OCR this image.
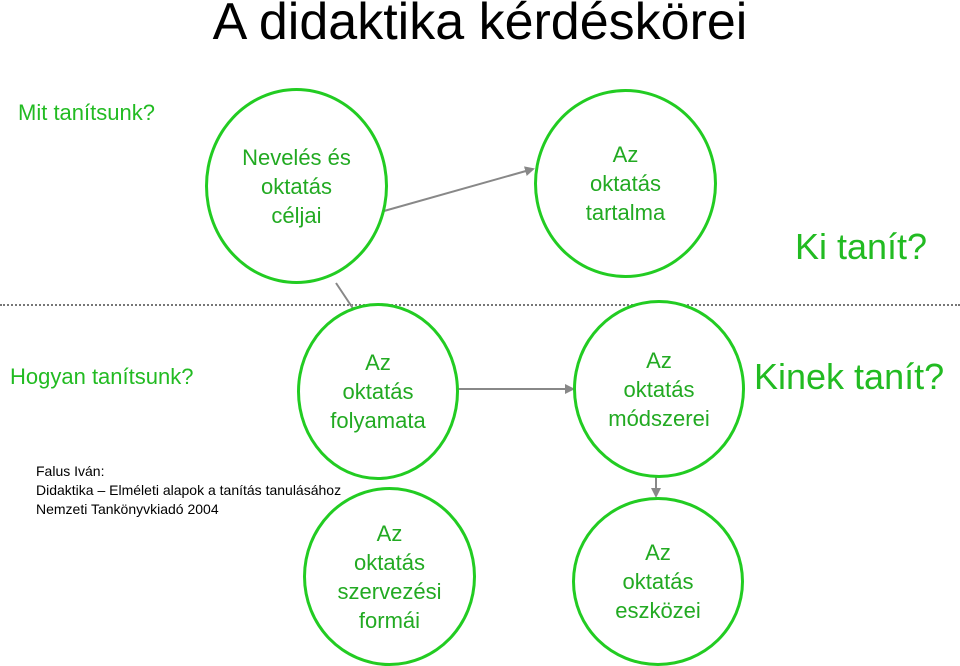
A didaktika kérdéskörei
Mit tanítsunk?
Ki tanít?
Hogyan tanítsunk?	Kinek tanít?
Nevelés és
oktatás
céljai
Az
oktatás
tartalma
Az
oktatás
folyamata
Az
oktatás
módszerei
Az
oktatás
szervezési
formái
Az
oktatás
eszközei
Falus Iván:
Didaktika – Elméleti alapok a tanítás tanulásához
Nemzeti Tankönyvkiadó 2004
